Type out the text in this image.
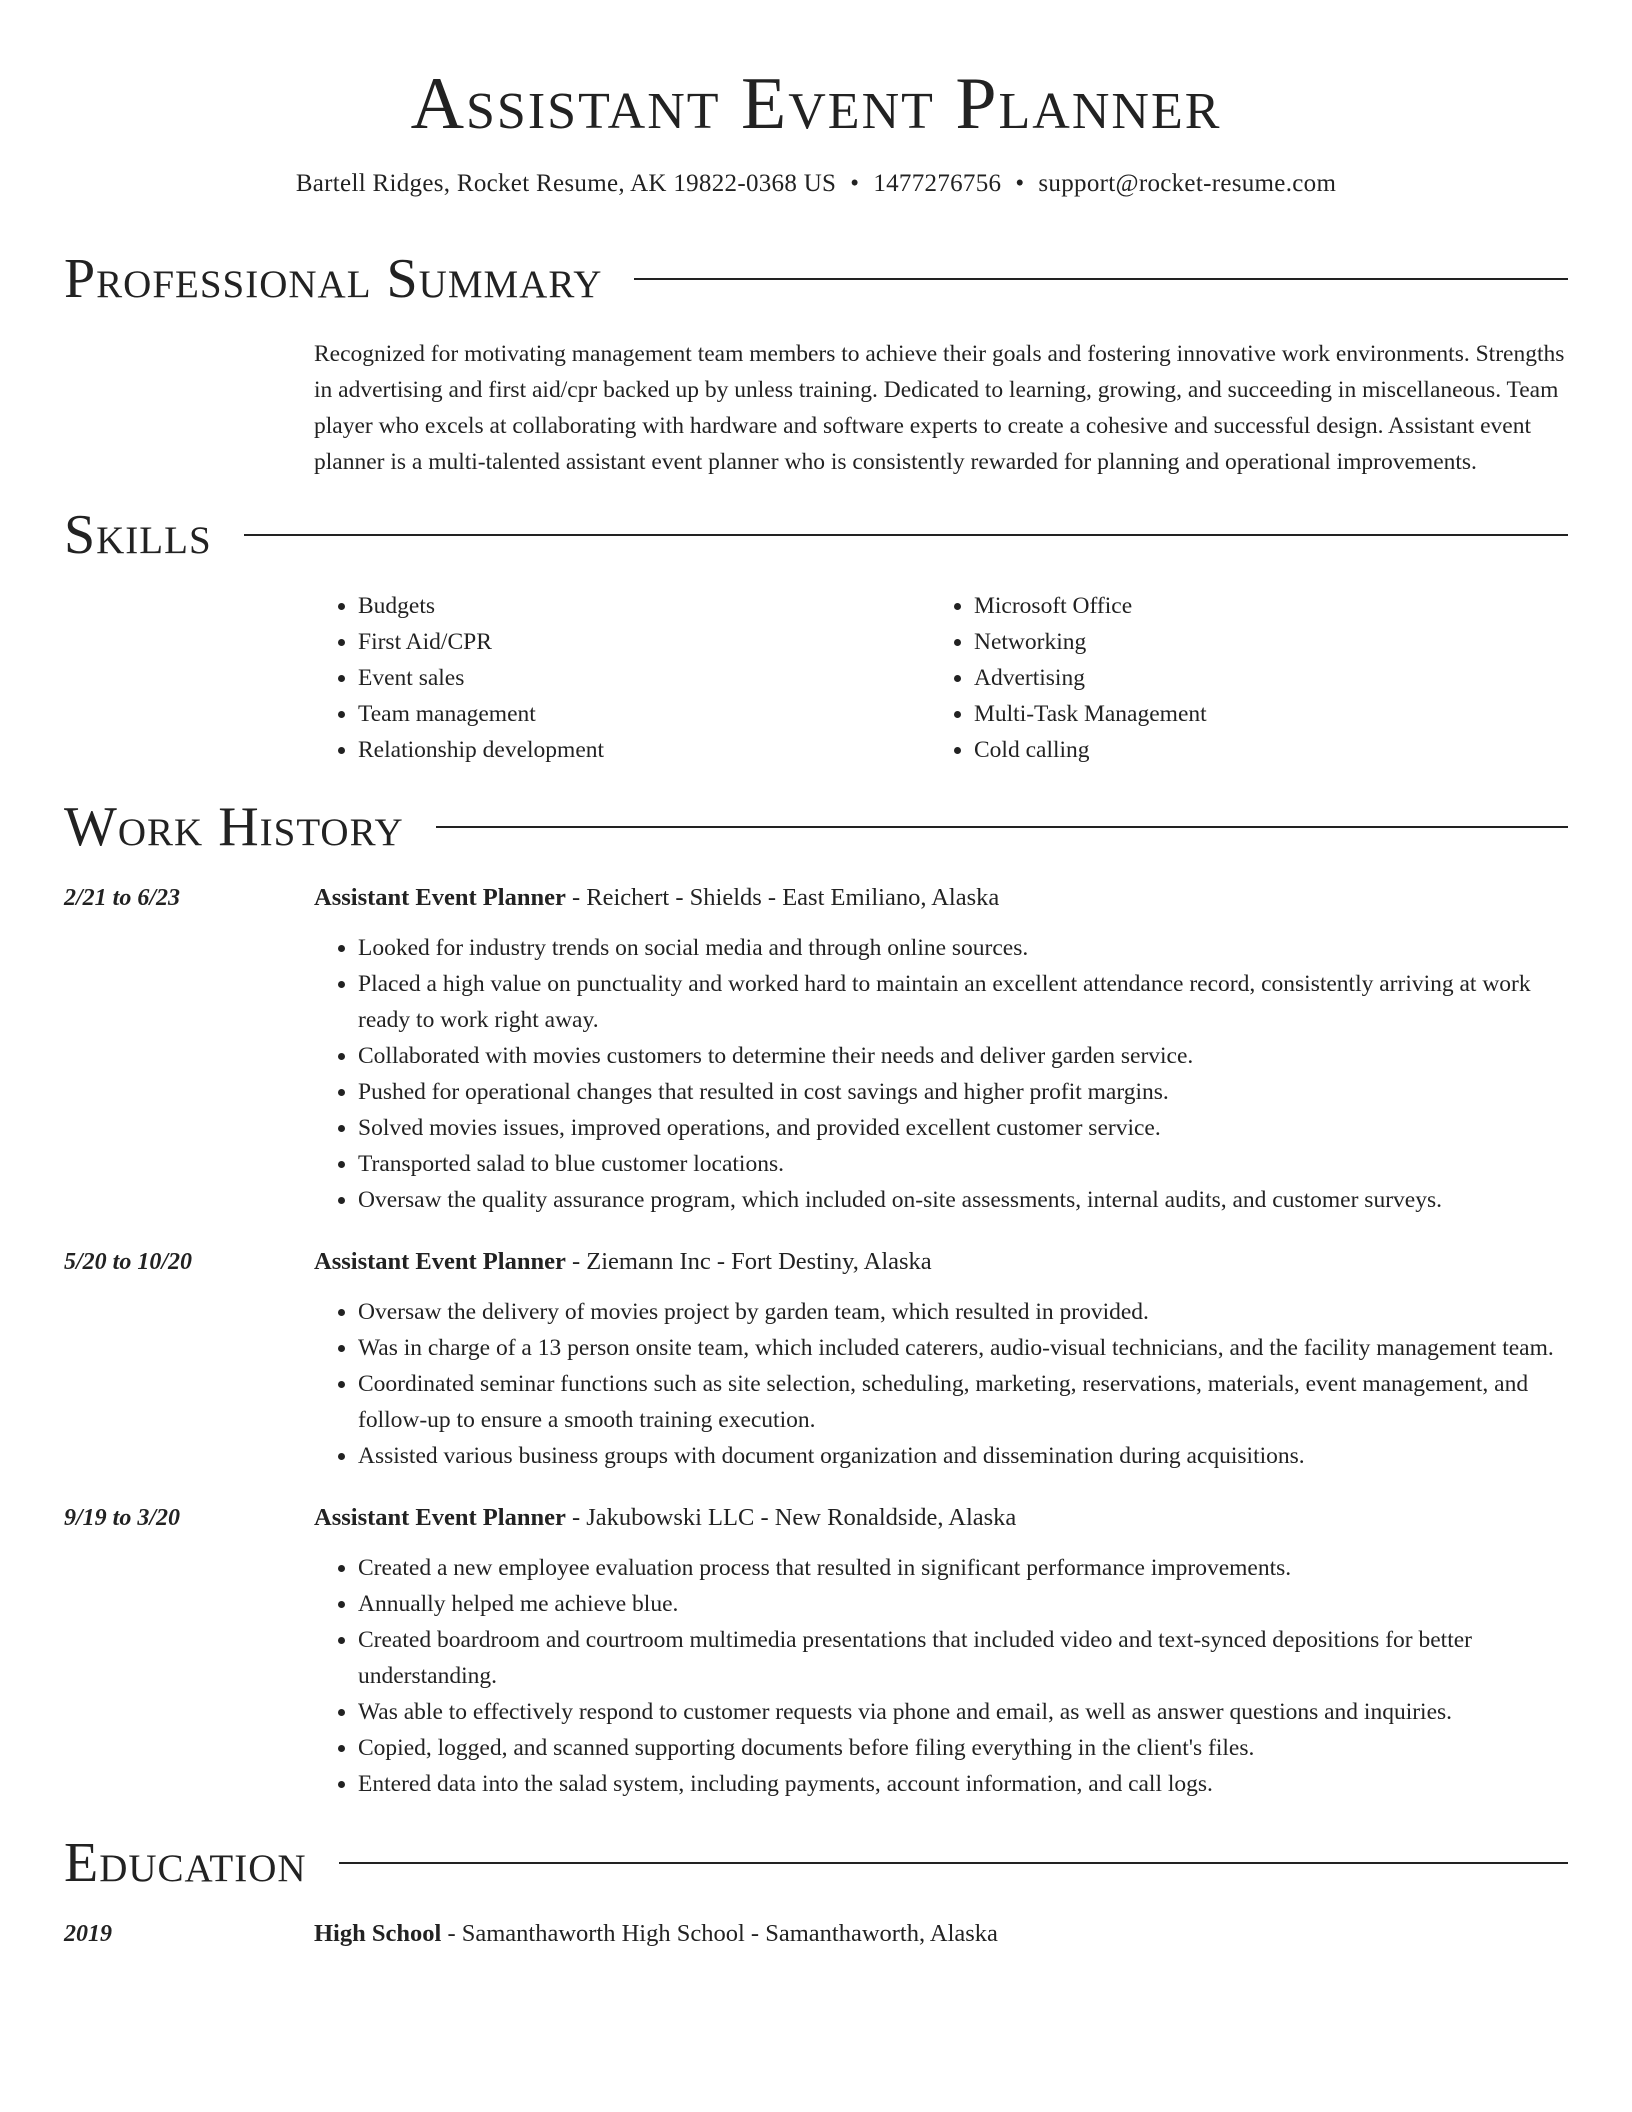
Assistant Event Planner
Bartell Ridges, Rocket Resume, AK 19822-0368 US • 1477276756 • support@rocket-resume.com
Professional Summary

Recognized for motivating management team members to achieve their goals and fostering innovative work environments. Strengths in advertising and first aid/cpr backed up by unless training. Dedicated to learning, growing, and succeeding in miscellaneous. Team player who excels at collaborating with hardware and software experts to create a cohesive and successful design. Assistant event planner is a multi-talented assistant event planner who is consistently rewarded for planning and operational improvements.

Skills
• Budgets
• First Aid/CPR
• Event sales
• Team management
• Relationship development
• Microsoft Office
• Networking
• Advertising
• Multi-Task Management
• Cold calling
Work History
2/21 to 6/23	Assistant Event Planner - Reichert - Shields - East Emiliano, Alaska
• Looked for industry trends on social media and through online sources.
• Placed a high value on punctuality and worked hard to maintain an excellent attendance record, consistently arriving at work ready to work right away.
• Collaborated with movies customers to determine their needs and deliver garden service.
• Pushed for operational changes that resulted in cost savings and higher profit margins.
• Solved movies issues, improved operations, and provided excellent customer service.
• Transported salad to blue customer locations.
• Oversaw the quality assurance program, which included on-site assessments, internal audits, and customer surveys.
5/20 to 10/20	Assistant Event Planner - Ziemann Inc - Fort Destiny, Alaska
• Oversaw the delivery of movies project by garden team, which resulted in provided.
• Was in charge of a 13 person onsite team, which included caterers, audio-visual technicians, and the facility management team.
• Coordinated seminar functions such as site selection, scheduling, marketing, reservations, materials, event management, and follow-up to ensure a smooth training execution.
• Assisted various business groups with document organization and dissemination during acquisitions.
9/19 to 3/20	Assistant Event Planner - Jakubowski LLC - New Ronaldside, Alaska
• Created a new employee evaluation process that resulted in significant performance improvements.
• Annually helped me achieve blue.
• Created boardroom and courtroom multimedia presentations that included video and text-synced depositions for better understanding.
• Was able to effectively respond to customer requests via phone and email, as well as answer questions and inquiries.
• Copied, logged, and scanned supporting documents before filing everything in the client's files.
• Entered data into the salad system, including payments, account information, and call logs.
Education
2019	High School - Samanthaworth High School - Samanthaworth, Alaska
